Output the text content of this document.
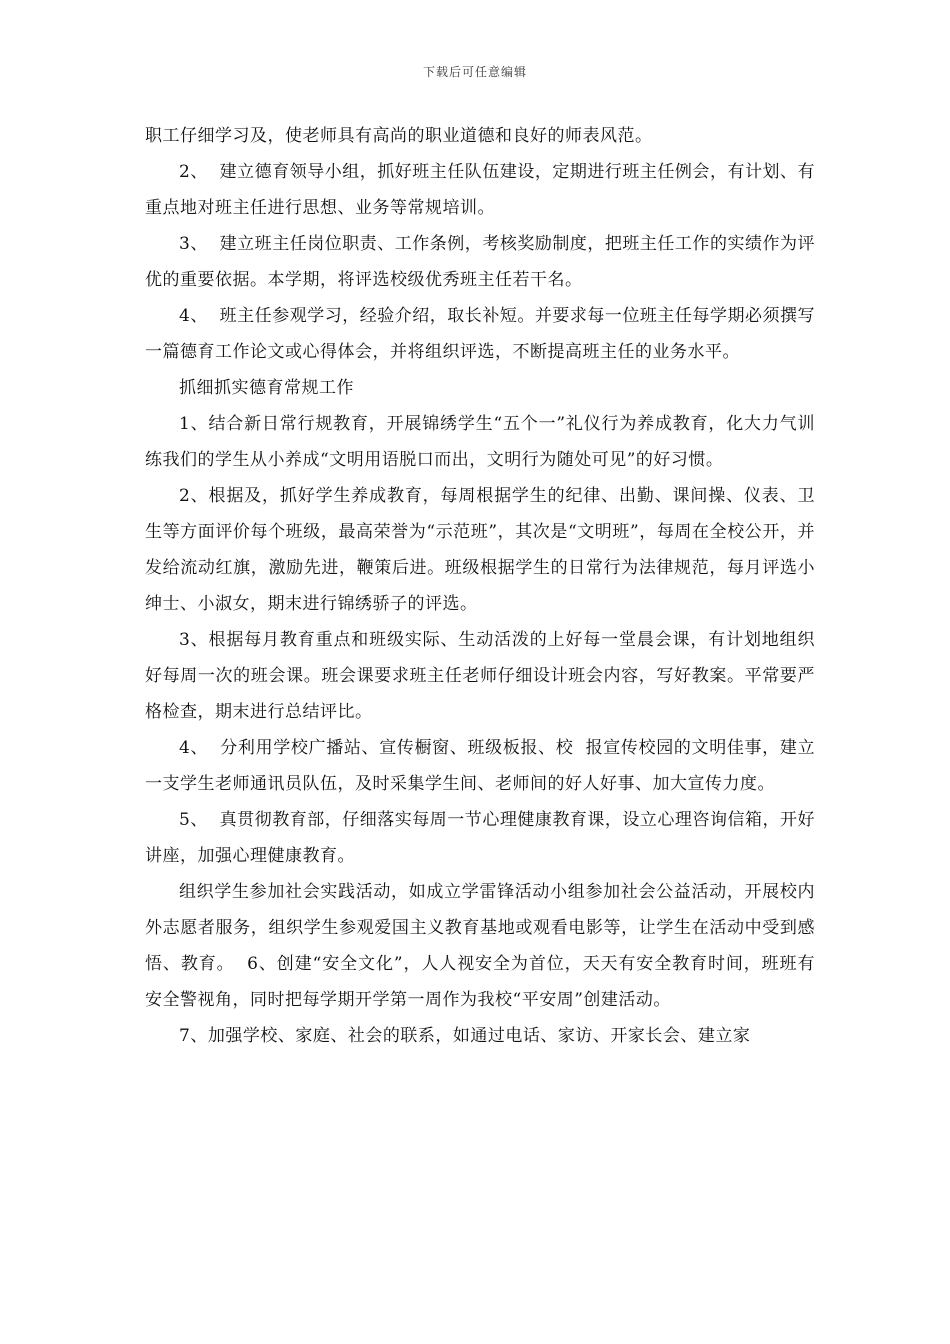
下载后可任意编辑

职工仔细学习及，使老师具有高尚的职业道德和良好的师表风范。

2、  建立德育领导小组，抓好班主任队伍建设，定期进行班主任例会，有计划、有重点地对班主任进行思想、业务等常规培训。

3、  建立班主任岗位职责、工作条例，考核奖励制度，把班主任工作的实绩作为评优的重要依据。本学期，将评选校级优秀班主任若干名。

4、  班主任参观学习，经验介绍，取长补短。并要求每一位班主任每学期必须撰写一篇德育工作论文或心得体会，并将组织评选，不断提高班主任的业务水平。

抓细抓实德育常规工作

1、结合新日常行规教育，开展锦绣学生“五个一”礼仪行为养成教育，化大力气训练我们的学生从小养成“文明用语脱口而出，文明行为随处可见”的好习惯。

2、根据及，抓好学生养成教育，每周根据学生的纪律、出勤、课间操、仪表、卫生等方面评价每个班级，最高荣誉为“示范班”，其次是“文明班”，每周在全校公开，并发给流动红旗，激励先进，鞭策后进。班级根据学生的日常行为法律规范，每月评选小绅士、小淑女，期末进行锦绣骄子的评选。

3、根据每月教育重点和班级实际、生动活泼的上好每一堂晨会课，有计划地组织好每周一次的班会课。班会课要求班主任老师仔细设计班会内容，写好教案。平常要严格检查，期末进行总结评比。

4、  分利用学校广播站、宣传橱窗、班级板报、校  报宣传校园的文明佳事，建立一支学生老师通讯员队伍，及时采集学生间、老师间的好人好事、加大宣传力度。

5、  真贯彻教育部，仔细落实每周一节心理健康教育课，设立心理咨询信箱，开好讲座，加强心理健康教育。

组织学生参加社会实践活动，如成立学雷锋活动小组参加社会公益活动，开展校内外志愿者服务，组织学生参观爱国主义教育基地或观看电影等，让学生在活动中受到感悟、教育。  6、创建“安全文化”，人人视安全为首位，天天有安全教育时间，班班有安全警视角，同时把每学期开学第一周作为我校“平安周”创建活动。

7、加强学校、家庭、社会的联系，如通过电话、家访、开家长会、建立家
